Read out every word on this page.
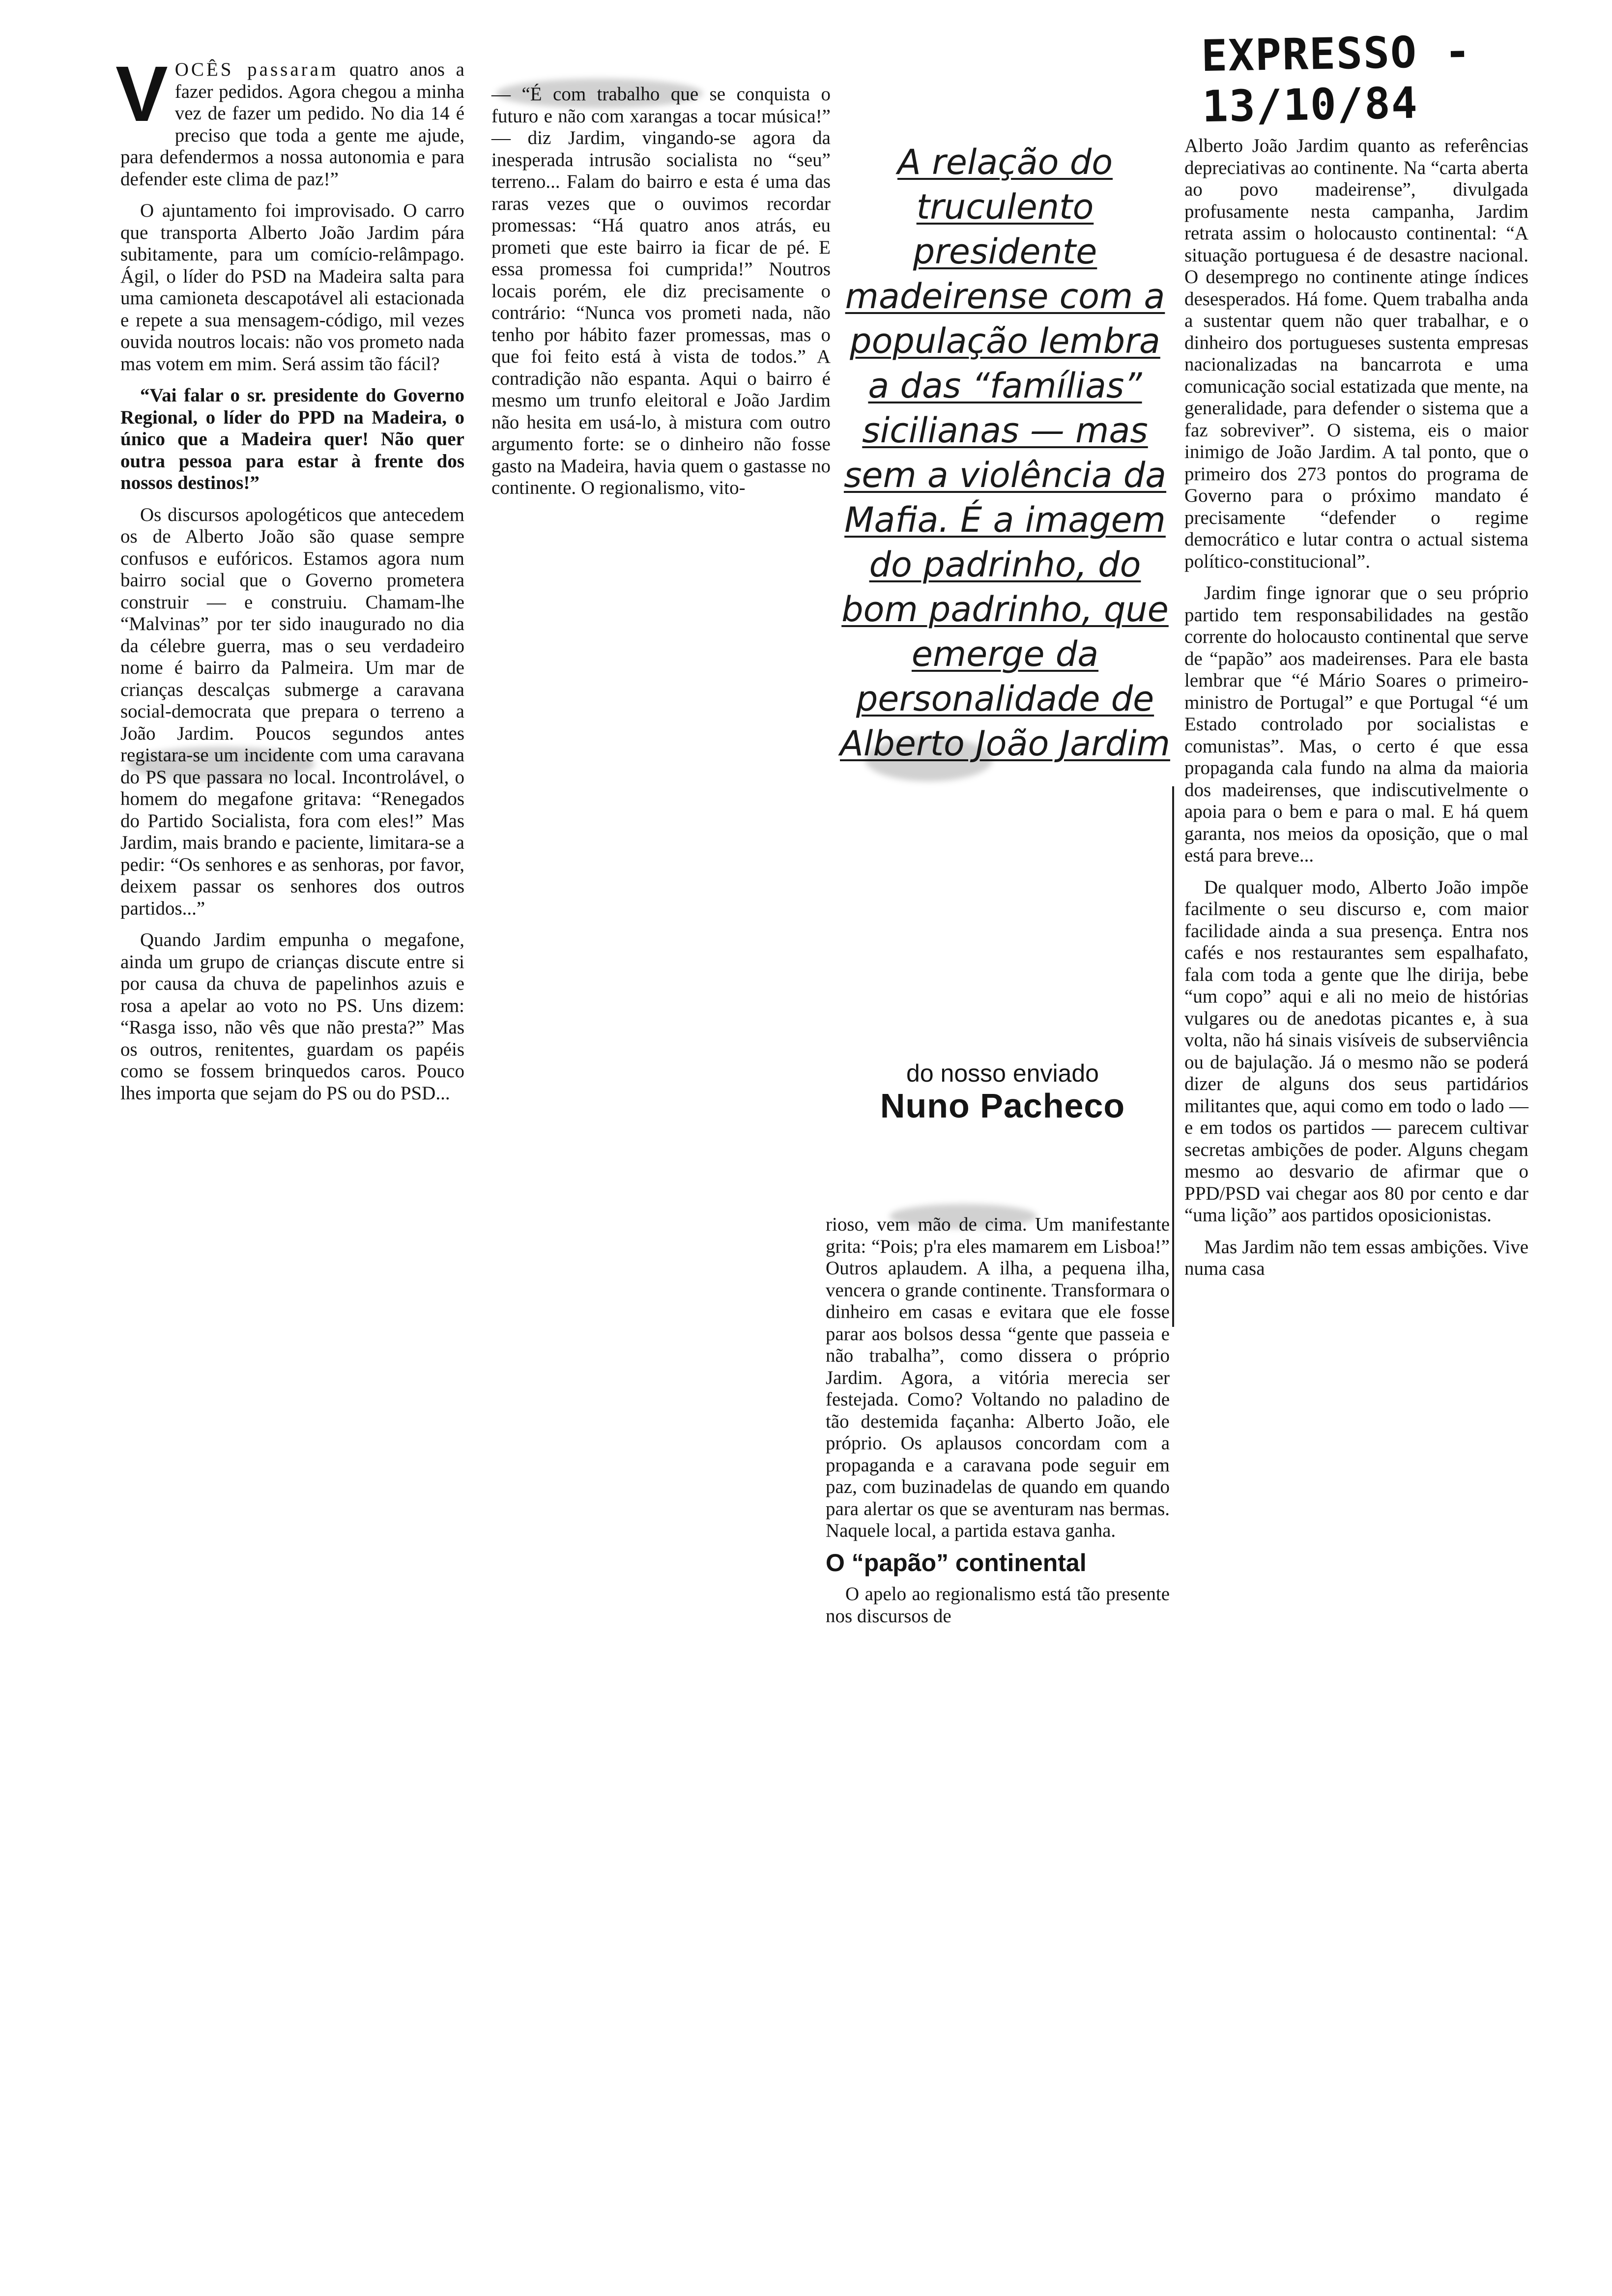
EXPRESSO - 13/10/84

V OCÊS passaram quatro anos a fazer pedidos. Agora chegou a minha vez de fazer um pedido. No dia 14 é preciso que toda a gente me ajude, para defendermos a nossa autonomia e para defender este clima de paz!”

O ajuntamento foi improvisado. O carro que transporta Alberto João Jardim pára subitamente, para um comício-relâmpago. Ágil, o líder do PSD na Madeira salta para uma camioneta descapotável ali estacionada e repete a sua mensagem-código, mil vezes ouvida noutros locais: não vos prometo nada mas votem em mim. Será assim tão fácil?

“Vai falar o sr. presidente do Governo Regional, o líder do PPD na Madeira, o único que a Madeira quer! Não quer outra pessoa para estar à frente dos nossos destinos!”

Os discursos apologéticos que antecedem os de Alberto João são quase sempre confusos e eufóricos. Estamos agora num bairro social que o Governo prometera construir — e construiu. Chamam-lhe “Malvinas” por ter sido inaugurado no dia da célebre guerra, mas o seu verdadeiro nome é bairro da Palmeira. Um mar de crianças descalças submerge a caravana social-democrata que prepara o terreno a João Jardim. Poucos segundos antes registara-se um incidente com uma caravana do PS que passara no local. Incontrolável, o homem do megafone gritava: “Renegados do Partido Socialista, fora com eles!” Mas Jardim, mais brando e paciente, limitara-se a pedir: “Os senhores e as senhoras, por favor, deixem passar os senhores dos outros partidos...”

Quando Jardim empunha o megafone, ainda um grupo de crianças discute entre si por causa da chuva de papelinhos azuis e rosa a apelar ao voto no PS. Uns dizem: “Rasga isso, não vês que não presta?” Mas os outros, renitentes, guardam os papéis como se fossem brinquedos caros. Pouco lhes importa que sejam do PS ou do PSD...

— “É com trabalho que se conquista o futuro e não com xarangas a tocar música!” — diz Jardim, vingando-se agora da inesperada intrusão socialista no “seu” terreno... Falam do bairro e esta é uma das raras vezes que o ouvimos recordar promessas: “Há quatro anos atrás, eu prometi que este bairro ia ficar de pé. E essa promessa foi cumprida!” Noutros locais porém, ele diz precisamente o contrário: “Nunca vos prometi nada, não tenho por hábito fazer promessas, mas o que foi feito está à vista de todos.” A contradição não espanta. Aqui o bairro é mesmo um trunfo eleitoral e João Jardim não hesita em usá-lo, à mistura com outro argumento forte: se o dinheiro não fosse gasto na Madeira, havia quem o gastasse no continente. O regionalismo, vito-

A relação do truculento presidente madeirense com a população lembra a das “famílias” sicilianas — mas sem a violência da Mafia. É a imagem do padrinho, do bom padrinho, que emerge da personalidade de Alberto João Jardim
do nosso enviado
Nuno Pacheco

rioso, vem mão de cima. Um manifestante grita: “Pois; p'ra eles mamarem em Lisboa!” Outros aplaudem. A ilha, a pequena ilha, vencera o grande continente. Transformara o dinheiro em casas e evitara que ele fosse parar aos bolsos dessa “gente que passeia e não trabalha”, como dissera o próprio Jardim. Agora, a vitória merecia ser festejada. Como? Voltando no paladino de tão destemida façanha: Alberto João, ele próprio. Os aplausos concordam com a propaganda e a caravana pode seguir em paz, com buzinadelas de quando em quando para alertar os que se aventuram nas bermas. Naquele local, a partida estava ganha.

O “papão” continental

O apelo ao regionalismo está tão presente nos discursos de

Alberto João Jardim quanto as referências depreciativas ao continente. Na “carta aberta ao povo madeirense”, divulgada profusamente nesta campanha, Jardim retrata assim o holocausto continental: “A situação portuguesa é de desastre nacional. O desemprego no continente atinge índices desesperados. Há fome. Quem trabalha anda a sustentar quem não quer trabalhar, e o dinheiro dos portugueses sustenta empresas nacionalizadas na bancarrota e uma comunicação social estatizada que mente, na generalidade, para defender o sistema que a faz sobreviver”. O sistema, eis o maior inimigo de João Jardim. A tal ponto, que o primeiro dos 273 pontos do programa de Governo para o próximo mandato é precisamente “defender o regime democrático e lutar contra o actual sistema político-constitucional”.

Jardim finge ignorar que o seu próprio partido tem responsabilidades na gestão corrente do holocausto continental que serve de “papão” aos madeirenses. Para ele basta lembrar que “é Mário Soares o primeiro-ministro de Portugal” e que Portugal “é um Estado controlado por socialistas e comunistas”. Mas, o certo é que essa propaganda cala fundo na alma da maioria dos madeirenses, que indiscutivelmente o apoia para o bem e para o mal. E há quem garanta, nos meios da oposição, que o mal está para breve...

De qualquer modo, Alberto João impõe facilmente o seu discurso e, com maior facilidade ainda a sua presença. Entra nos cafés e nos restaurantes sem espalhafato, fala com toda a gente que lhe dirija, bebe “um copo” aqui e ali no meio de histórias vulgares ou de anedotas picantes e, à sua volta, não há sinais visíveis de subserviência ou de bajulação. Já o mesmo não se poderá dizer de alguns dos seus partidários militantes que, aqui como em todo o lado — e em todos os partidos — parecem cultivar secretas ambições de poder. Alguns chegam mesmo ao desvario de afirmar que o PPD/PSD vai chegar aos 80 por cento e dar “uma lição” aos partidos oposicionistas.

Mas Jardim não tem essas ambições. Vive numa casa
